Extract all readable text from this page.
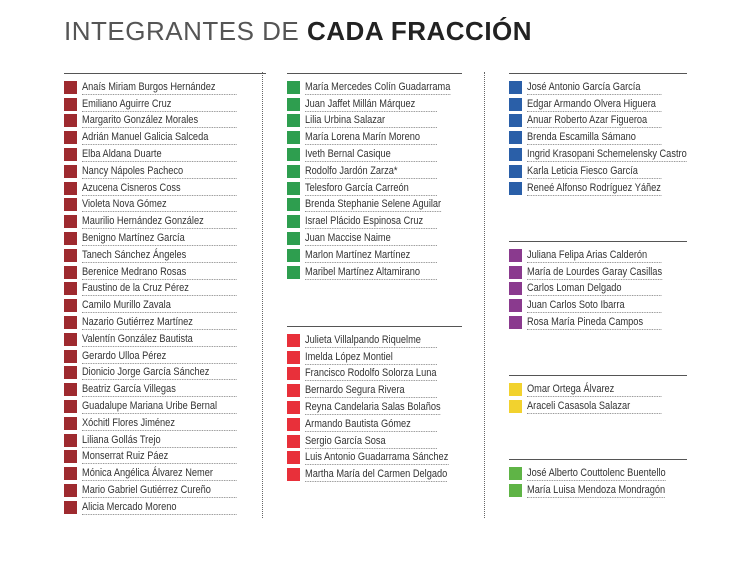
INTEGRANTES DE CADA FRACCIÓN
Anaís Miriam Burgos Hernández
Emiliano Aguirre Cruz
Margarito González Morales
Adrián Manuel Galicia Salceda
Elba Aldana Duarte
Nancy Nápoles Pacheco
Azucena Cisneros Coss
Violeta Nova Gómez
Maurilio Hernández González
Benigno Martínez García
Tanech Sánchez Ángeles
Berenice Medrano Rosas
Faustino de la Cruz Pérez
Camilo Murillo Zavala
Nazario Gutiérrez Martínez
Valentín González Bautista
Gerardo Ulloa Pérez
Dionicio Jorge García Sánchez
Beatriz García Villegas
Guadalupe Mariana Uribe Bernal
Xóchitl Flores Jiménez
Liliana Gollás Trejo
Monserrat Ruiz Páez
Mónica Angélica Álvarez Nemer
Mario Gabriel Gutiérrez Cureño
Alicia Mercado Moreno
María Mercedes Colín Guadarrama
Juan Jaffet Millán Márquez
Lilia Urbina Salazar
María Lorena Marín Moreno
Iveth Bernal Casique
Rodolfo Jardón Zarza*
Telesforo García Carreón
Brenda Stephanie Selene Aguilar
Israel Plácido Espinosa Cruz
Juan Maccise Naime
Marlon Martínez Martínez
Maribel Martínez Altamirano
Julieta Villalpando Riquelme
Imelda López Montiel
Francisco Rodolfo Solorza Luna
Bernardo Segura Rivera
Reyna Candelaria Salas Bolaños
Armando Bautista Gómez
Sergio García Sosa
Luis Antonio Guadarrama Sánchez
Martha María del Carmen Delgado
José Antonio García García
Edgar Armando Olvera Higuera
Anuar Roberto Azar Figueroa
Brenda Escamilla Sámano
Ingrid Krasopani Schemelensky Castro
Karla Leticia Fiesco García
Reneé Alfonso Rodríguez Yáñez
Juliana Felipa Arias Calderón
María de Lourdes Garay Casillas
Carlos Loman Delgado
Juan Carlos Soto Ibarra
Rosa María Pineda Campos
Omar Ortega Álvarez
Araceli Casasola Salazar
José Alberto Couttolenc Buentello
María Luisa Mendoza Mondragón
